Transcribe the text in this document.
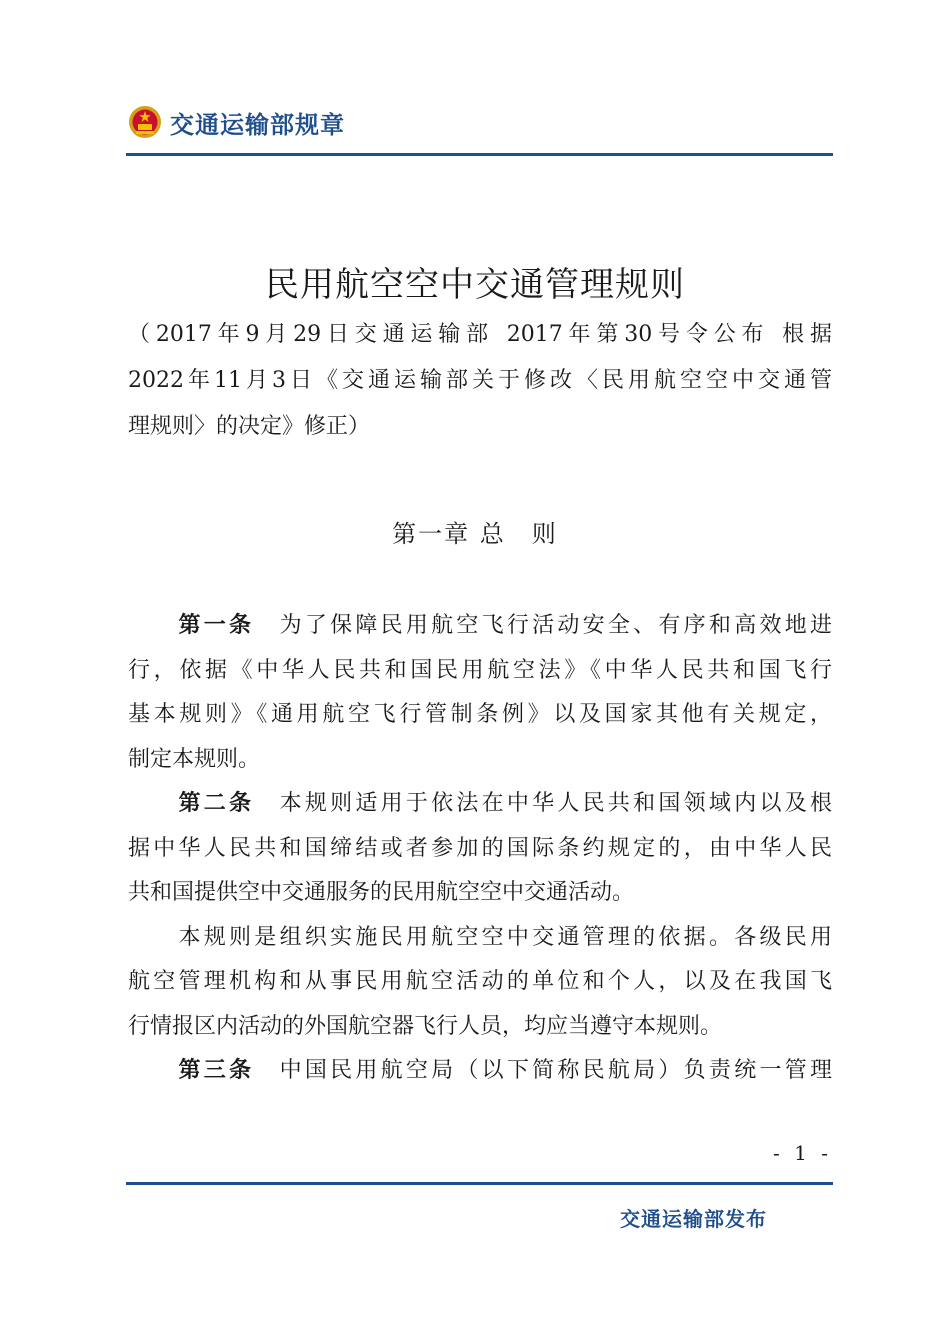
交通运输部规章
民用航空空中交通管理规则
（2017年9月29日交通运输部 2017年第30号令公布 根据
2022年11月3日《交通运输部关于修改〈民用航空空中交通管
理规则〉的决定》修正）
第一章 总　则
　　第一条　 为了保障民用航空飞行活动安全、有序和高效地进
行，依据《中华人民共和国民用航空法》《中华人民共和国飞行
基本规则》《通用航空飞行管制条例》以及国家其他有关规定，
制定本规则。
　　第二条　 本规则适用于依法在中华人民共和国领域内以及根
据中华人民共和国缔结或者参加的国际条约规定的，由中华人民
共和国提供空中交通服务的民用航空空中交通活动。
　　本规则是组织实施民用航空空中交通管理的依据。各级民用
航空管理机构和从事民用航空活动的单位和个人，以及在我国飞
行情报区内活动的外国航空器飞行人员，均应当遵守本规则。
　　第三条　 中国民用航空局（以下简称民航局）负责统一管理
- 1 -
交通运输部发布
